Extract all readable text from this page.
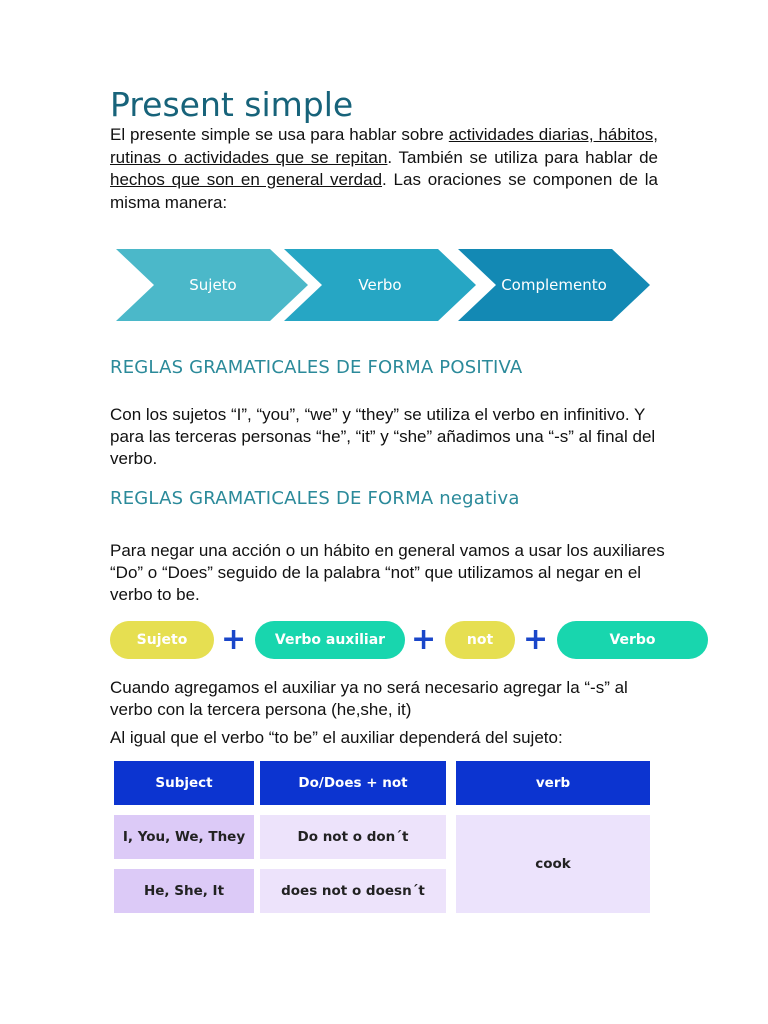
Present simple

El presente simple se usa para hablar sobre actividades diarias, hábitos, rutinas o actividades que se repitan. También se utiliza para hablar de hechos que son en general verdad. Las oraciones se componen de la misma manera:

Sujeto	Verbo	Complemento
REGLAS GRAMATICALES DE FORMA POSITIVA

Con los sujetos “I”, “you”, “we” y “they” se utiliza el verbo en infinitivo. Y para las terceras personas “he”, “it” y “she” añadimos una “-s” al final del verbo.

REGLAS GRAMATICALES DE FORMA negativa

Para negar una acción o un hábito en general vamos a usar los auxiliares “Do” o “Does” seguido de la palabra “not” que utilizamos al negar en el verbo to be.

Sujeto	+	Verbo auxiliar +	not +	Verbo

Cuando agregamos el auxiliar ya no será necesario agregar la “-s” al verbo con la tercera persona (he,she, it)

Al igual que el verbo “to be” el auxiliar dependerá del sujeto:

Subject	Do/Does + not	verb
I, You, We, They	Do not o don´t
He, She, It	does not o doesn´t
cook
